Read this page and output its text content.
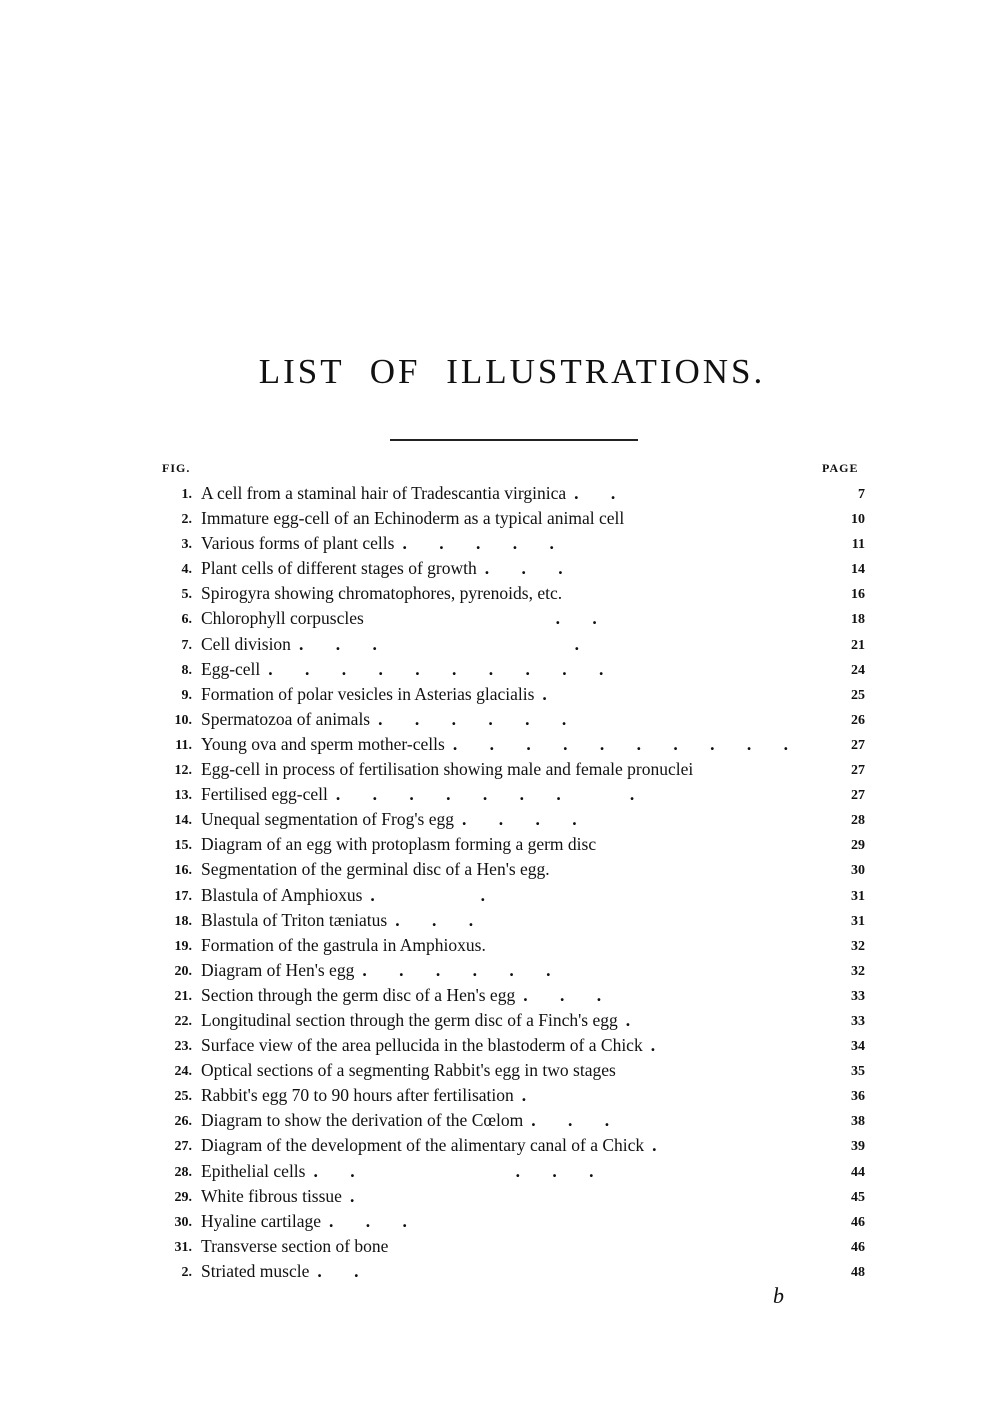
LIST OF ILLUSTRATIONS.
FIG.	PAGE
1. A cell from a staminal hair of Tradescantia virginica . .	7
2. Immature egg-cell of an Echinoderm as a typical animal cell	10
3. Various forms of plant cells . . . . .	11
4. Plant cells of different stages of growth . . .	14
5. Spirogyra showing chromatophores, pyrenoids, etc.	16
6. Chlorophyll corpuscles          . .	18
7. Cell division . . .          .	21
8. Egg-cell . . . . . . . . . .	24
9. Formation of polar vesicles in Asterias glacialis .	25
10. Spermatozoa of animals . . . . . .	26
11. Young ova and sperm mother-cells . . . . . . . . . .	27
12. Egg-cell in process of fertilisation showing male and female pronuclei	27
13. Fertilised egg-cell . . . . . . .   .	27
14. Unequal segmentation of Frog's egg . . . .	28
15. Diagram of an egg with protoplasm forming a germ disc	29
16. Segmentation of the germinal disc of a Hen's egg.	30
17. Blastula of Amphioxus .     .	31
18. Blastula of Triton tæniatus . . .	31
19. Formation of the gastrula in Amphioxus.	32
20. Diagram of Hen's egg . . . . . .	32
21. Section through the germ disc of a Hen's egg . . .	33
22. Longitudinal section through the germ disc of a Finch's egg .	33
23. Surface view of the area pellucida in the blastoderm of a Chick .	34
24. Optical sections of a segmenting Rabbit's egg in two stages	35
25. Rabbit's egg 70 to 90 hours after fertilisation .	36
26. Diagram to show the derivation of the Cœlom . . .	38
27. Diagram of the development of the alimentary canal of a Chick .	39
28. Epithelial cells . .        . . .	44
29. White fibrous tissue .	45
30. Hyaline cartilage . . .	46
31. Transverse section of bone	46
2. Striated muscle . .	48
b
